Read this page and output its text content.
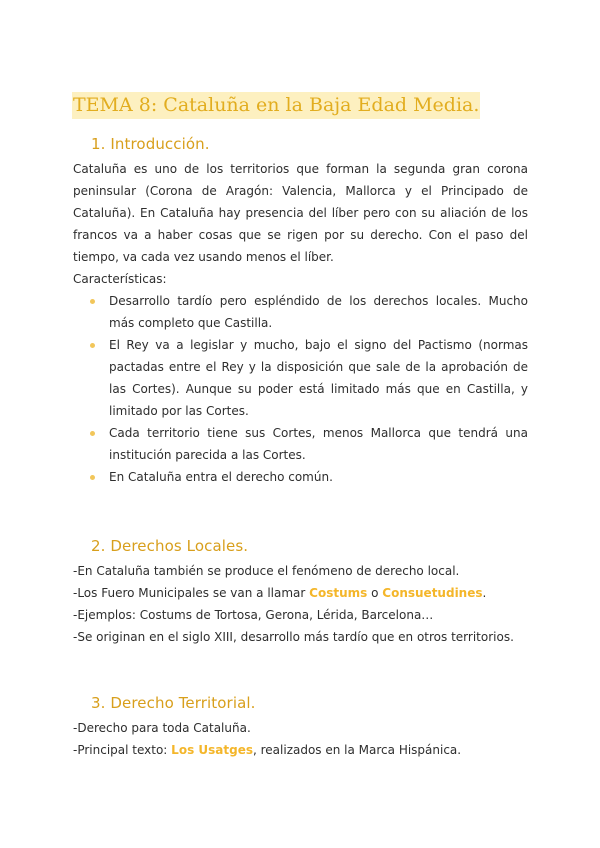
TEMA 8: Cataluña en la Baja Edad Media.
1. Introducción.
Cataluña es uno de los territorios que forman la segunda gran corona peninsular (Corona de Aragón: Valencia, Mallorca y el Principado de Cataluña). En Cataluña hay presencia del líber pero con su aliación de los francos va a haber cosas que se rigen por su derecho. Con el paso del tiempo, va cada vez usando menos el líber.
Características:
Desarrollo tardío pero espléndido de los derechos locales. Mucho más completo que Castilla.
El Rey va a legislar y mucho, bajo el signo del Pactismo (normas pactadas entre el Rey y la disposición que sale de la aprobación de las Cortes). Aunque su poder está limitado más que en Castilla, y limitado por las Cortes.
Cada territorio tiene sus Cortes, menos Mallorca que tendrá una institución parecida a las Cortes.
En Cataluña entra el derecho común.
2. Derechos Locales.
-En Cataluña también se produce el fenómeno de derecho local.
-Los Fuero Municipales se van a llamar Costums o Consuetudines.
-Ejemplos: Costums de Tortosa, Gerona, Lérida, Barcelona…
-Se originan en el siglo XIII, desarrollo más tardío que en otros territorios.
3. Derecho Territorial.
-Derecho para toda Cataluña.
-Principal texto: Los Usatges, realizados en la Marca Hispánica.
